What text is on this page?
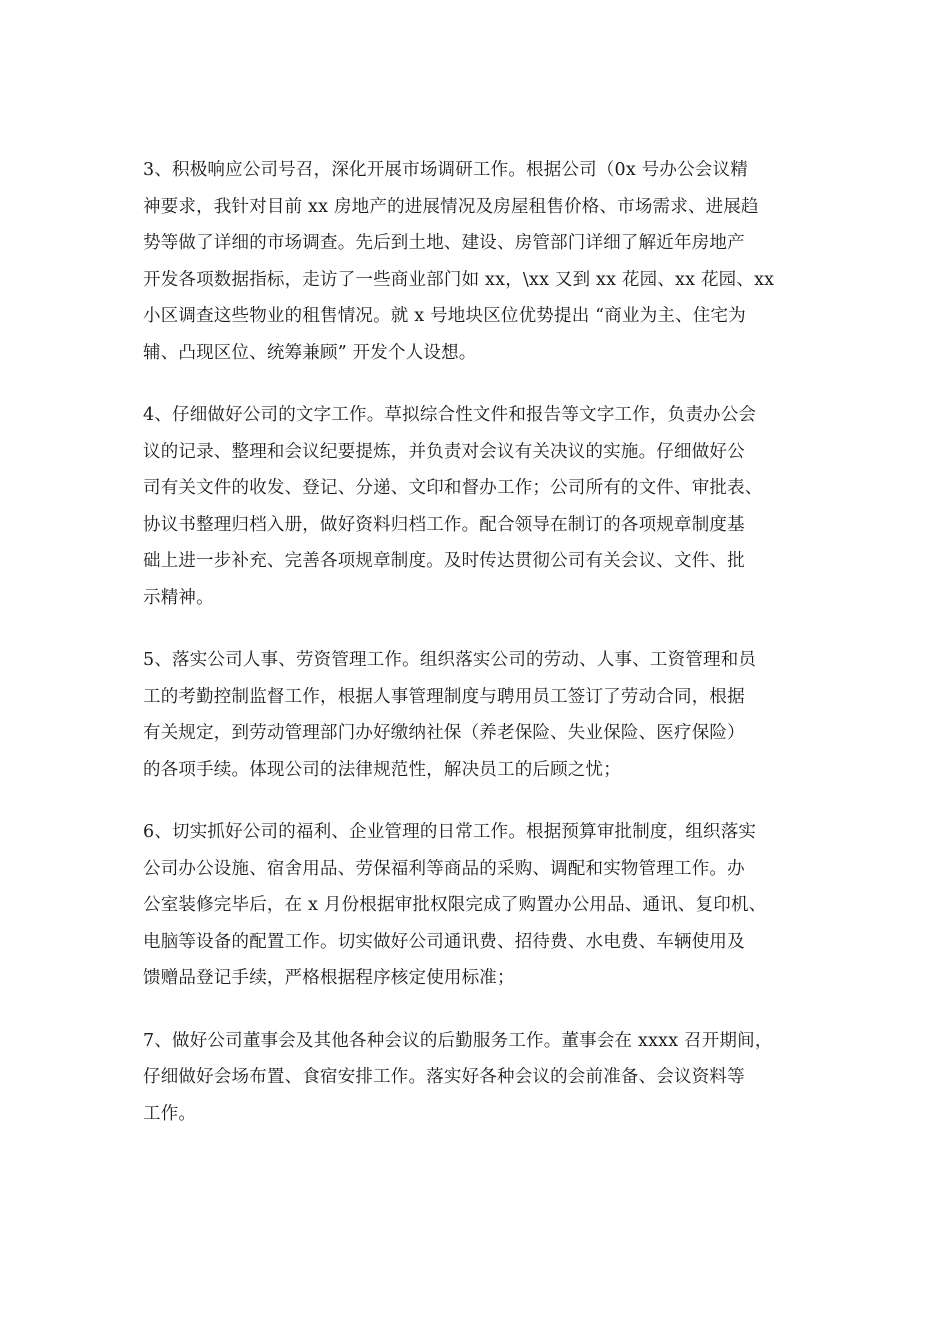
3、积极响应公司号召，深化开展市场调研工作。根据公司（0x 号办公会议精
神要求，我针对目前 xx 房地产的进展情况及房屋租售价格、市场需求、进展趋
势等做了详细的市场调查。先后到土地、建设、房管部门详细了解近年房地产
开发各项数据指标，走访了一些商业部门如 xx，\xx 又到 xx 花园、xx 花园、xx
小区调查这些物业的租售情况。就 x 号地块区位优势提出 “商业为主、住宅为
辅、凸现区位、统筹兼顾” 开发个人设想。

4、仔细做好公司的文字工作。草拟综合性文件和报告等文字工作，负责办公会
议的记录、整理和会议纪要提炼，并负责对会议有关决议的实施。仔细做好公
司有关文件的收发、登记、分递、文印和督办工作；公司所有的文件、审批表、
协议书整理归档入册，做好资料归档工作。配合领导在制订的各项规章制度基
础上进一步补充、完善各项规章制度。及时传达贯彻公司有关会议、文件、批
示精神。

5、落实公司人事、劳资管理工作。组织落实公司的劳动、人事、工资管理和员
工的考勤控制监督工作，根据人事管理制度与聘用员工签订了劳动合同，根据
有关规定，到劳动管理部门办好缴纳社保（养老保险、失业保险、医疗保险）
的各项手续。体现公司的法律规范性，解决员工的后顾之忧；

6、切实抓好公司的福利、企业管理的日常工作。根据预算审批制度，组织落实
公司办公设施、宿舍用品、劳保福利等商品的采购、调配和实物管理工作。办
公室装修完毕后，在 x 月份根据审批权限完成了购置办公用品、通讯、复印机、
电脑等设备的配置工作。切实做好公司通讯费、招待费、水电费、车辆使用及
馈赠品登记手续，严格根据程序核定使用标准；

7、做好公司董事会及其他各种会议的后勤服务工作。董事会在 xxxx 召开期间，
仔细做好会场布置、食宿安排工作。落实好各种会议的会前准备、会议资料等
工作。
